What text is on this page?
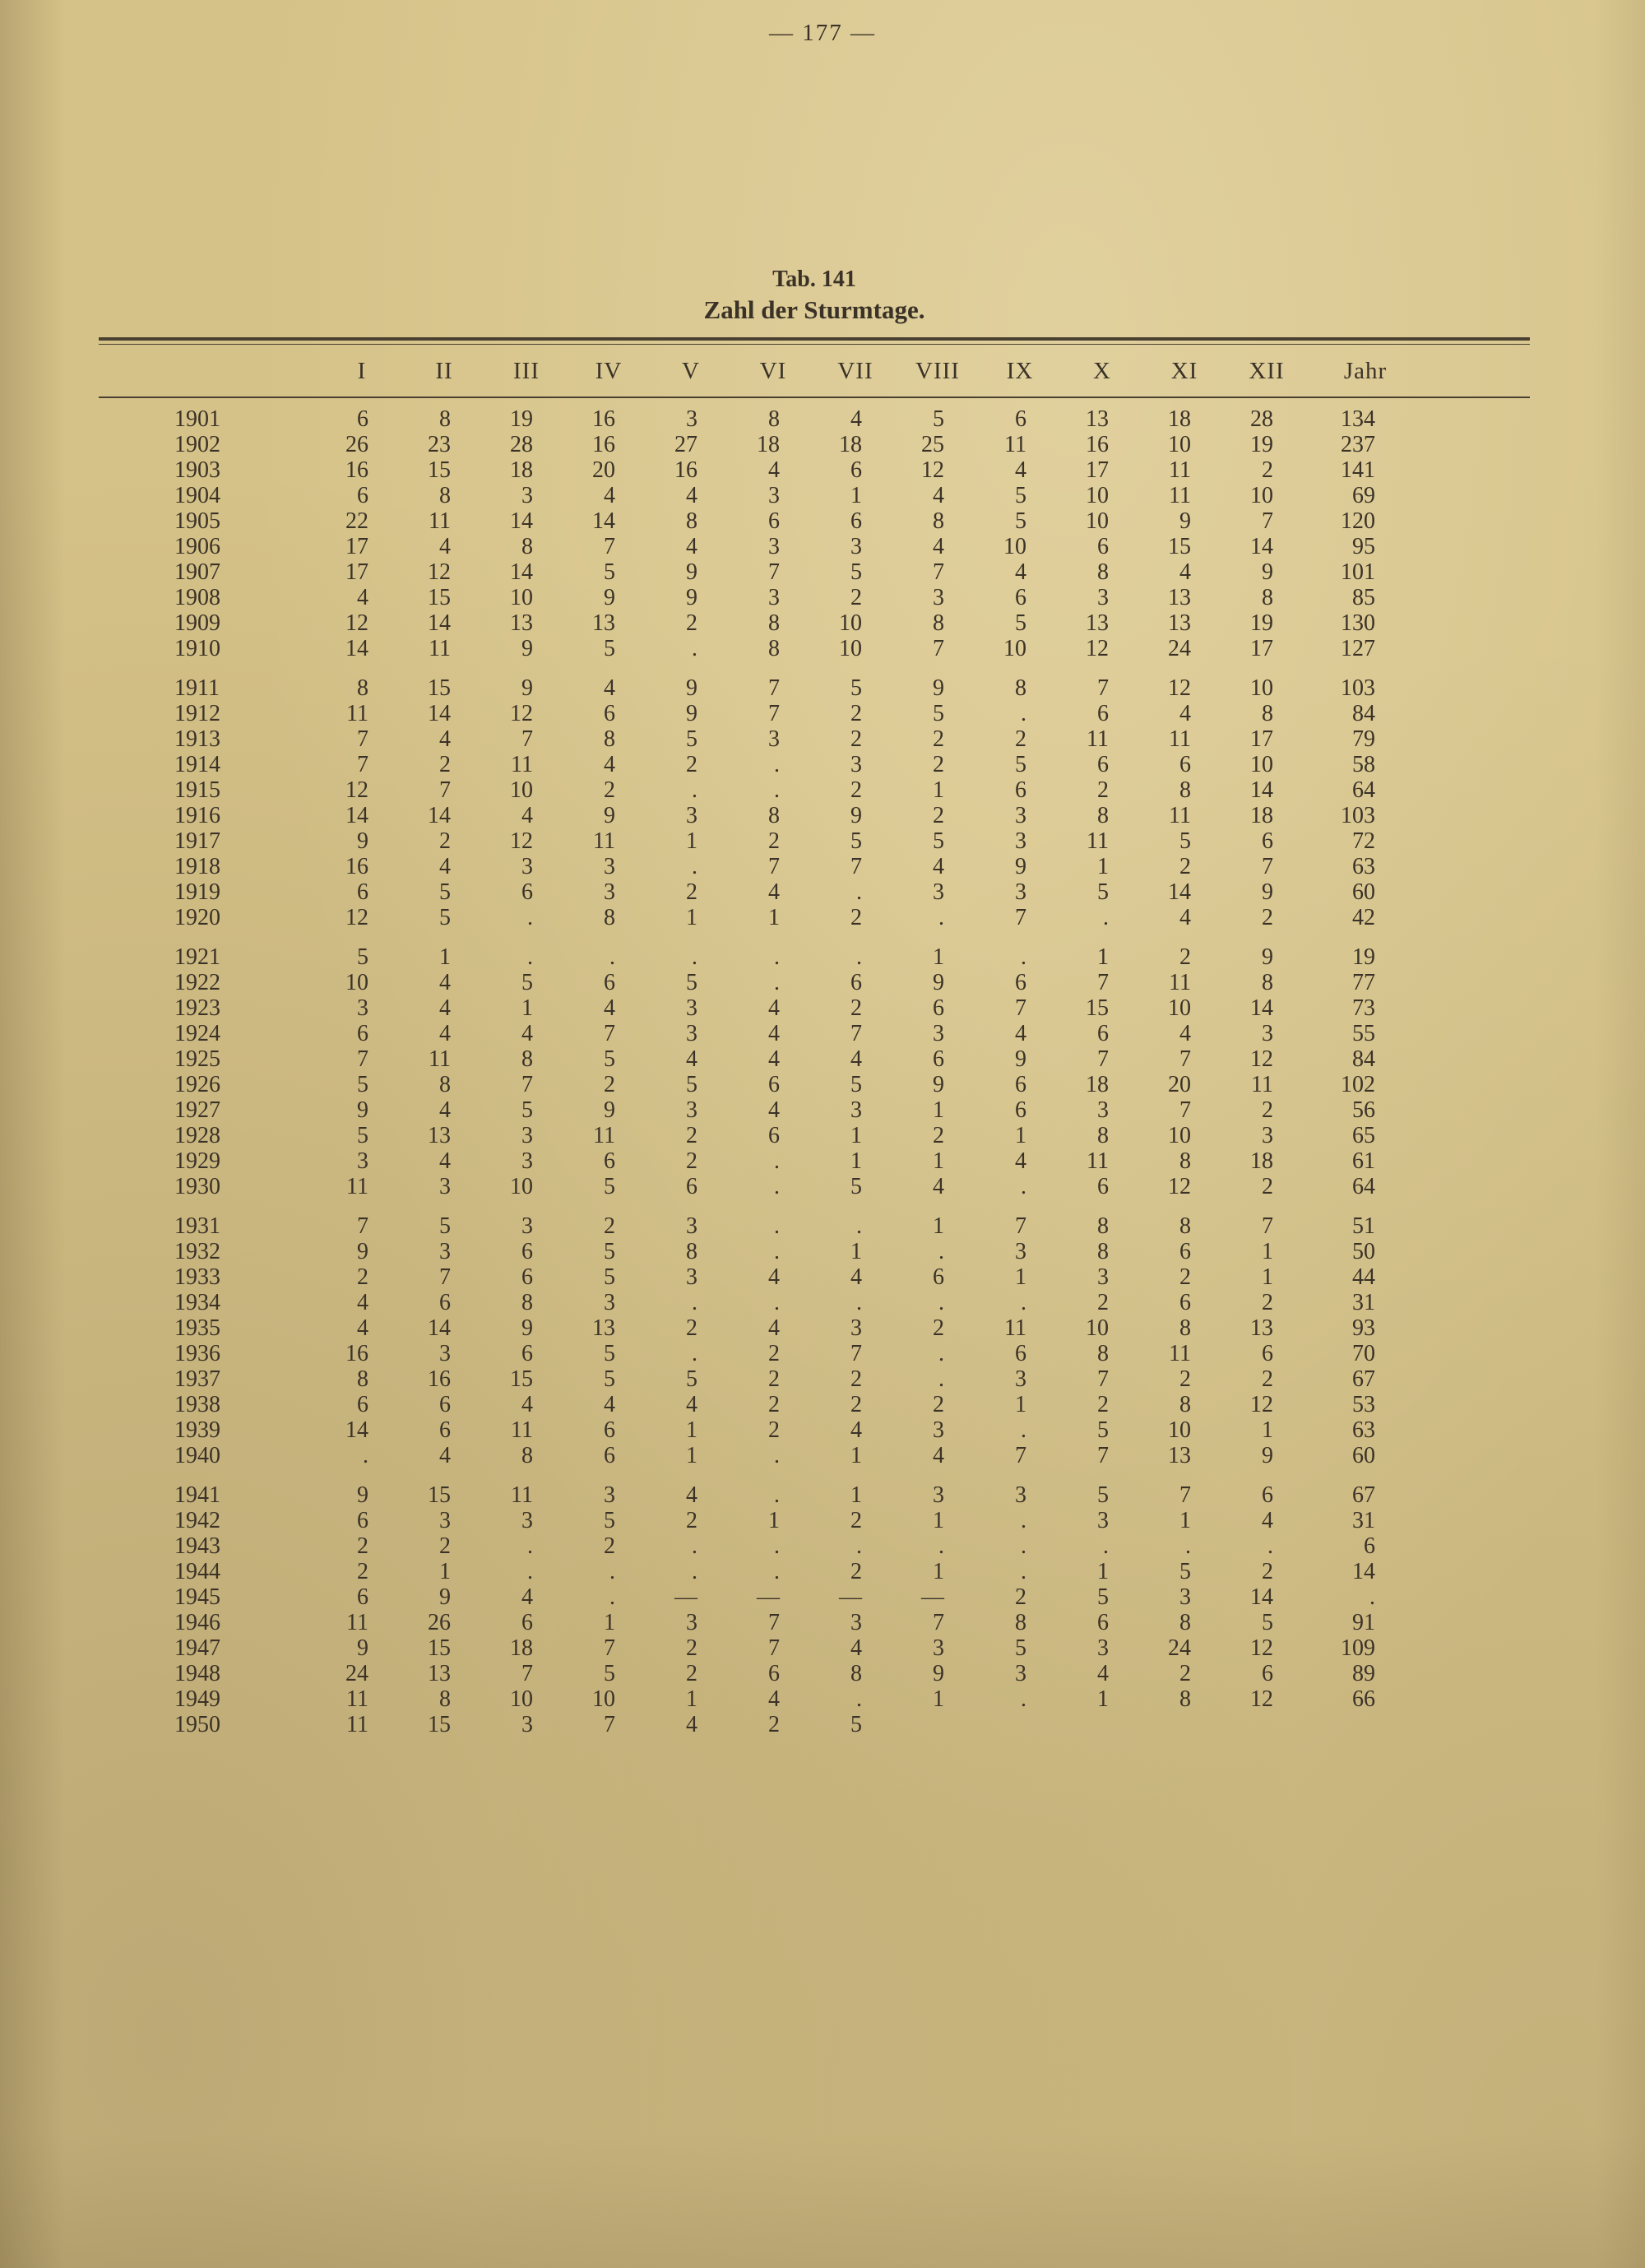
— 177 —
Tab. 141
Zahl der Sturmtage.
	I	II	III	IV	V	VI	VII	VIII	IX	X	XI	XII	Jahr	
1901	6	8	19	16	3	8	4	5	6	13	18	28	134	
1902	26	23	28	16	27	18	18	25	11	16	10	19	237	
1903	16	15	18	20	16	4	6	12	4	17	11	2	141	
1904	6	8	3	4	4	3	1	4	5	10	11	10	69	
1905	22	11	14	14	8	6	6	8	5	10	9	7	120	
1906	17	4	8	7	4	3	3	4	10	6	15	14	95	
1907	17	12	14	5	9	7	5	7	4	8	4	9	101	
1908	4	15	10	9	9	3	2	3	6	3	13	8	85	
1909	12	14	13	13	2	8	10	8	5	13	13	19	130	
1910	14	11	9	5	.	8	10	7	10	12	24	17	127	
1911	8	15	9	4	9	7	5	9	8	7	12	10	103	
1912	11	14	12	6	9	7	2	5	.	6	4	8	84	
1913	7	4	7	8	5	3	2	2	2	11	11	17	79	
1914	7	2	11	4	2	.	3	2	5	6	6	10	58	
1915	12	7	10	2	.	.	2	1	6	2	8	14	64	
1916	14	14	4	9	3	8	9	2	3	8	11	18	103	
1917	9	2	12	11	1	2	5	5	3	11	5	6	72	
1918	16	4	3	3	.	7	7	4	9	1	2	7	63	
1919	6	5	6	3	2	4	.	3	3	5	14	9	60	
1920	12	5	.	8	1	1	2	.	7	.	4	2	42	
1921	5	1	.	.	.	.	.	1	.	1	2	9	19	
1922	10	4	5	6	5	.	6	9	6	7	11	8	77	
1923	3	4	1	4	3	4	2	6	7	15	10	14	73	
1924	6	4	4	7	3	4	7	3	4	6	4	3	55	
1925	7	11	8	5	4	4	4	6	9	7	7	12	84	
1926	5	8	7	2	5	6	5	9	6	18	20	11	102	
1927	9	4	5	9	3	4	3	1	6	3	7	2	56	
1928	5	13	3	11	2	6	1	2	1	8	10	3	65	
1929	3	4	3	6	2	.	1	1	4	11	8	18	61	
1930	11	3	10	5	6	.	5	4	.	6	12	2	64	
1931	7	5	3	2	3	.	.	1	7	8	8	7	51	
1932	9	3	6	5	8	.	1	.	3	8	6	1	50	
1933	2	7	6	5	3	4	4	6	1	3	2	1	44	
1934	4	6	8	3	.	.	.	.	.	2	6	2	31	
1935	4	14	9	13	2	4	3	2	11	10	8	13	93	
1936	16	3	6	5	.	2	7	.	6	8	11	6	70	
1937	8	16	15	5	5	2	2	.	3	7	2	2	67	
1938	6	6	4	4	4	2	2	2	1	2	8	12	53	
1939	14	6	11	6	1	2	4	3	.	5	10	1	63	
1940	.	4	8	6	1	.	1	4	7	7	13	9	60	
1941	9	15	11	3	4	.	1	3	3	5	7	6	67	
1942	6	3	3	5	2	1	2	1	.	3	1	4	31	
1943	2	2	.	2	.	.	.	.	.	.	.	.	6	
1944	2	1	.	.	.	.	2	1	.	1	5	2	14	
1945	6	9	4	.	—	—	—	—	2	5	3	14	.	
1946	11	26	6	1	3	7	3	7	8	6	8	5	91	
1947	9	15	18	7	2	7	4	3	5	3	24	12	109	
1948	24	13	7	5	2	6	8	9	3	4	2	6	89	
1949	11	8	10	10	1	4	.	1	.	1	8	12	66	
1950	11	15	3	7	4	2	5							
